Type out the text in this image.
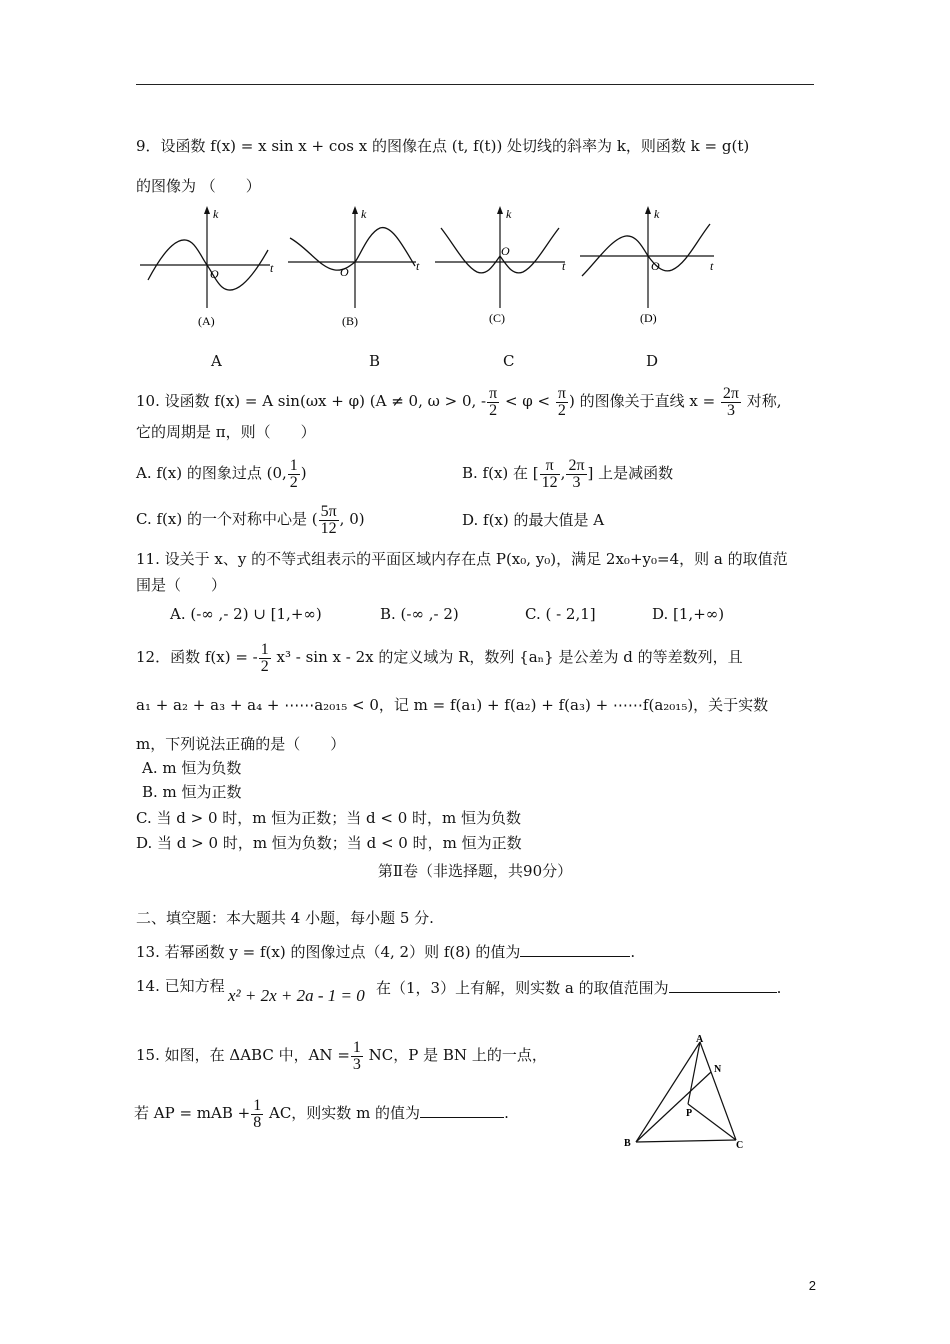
9．设函数 f(x) = x sin x + cos x 的图像在点 (t, f(t)) 处切线的斜率为 k，则函数 k = g(t)
的图像为 （　　）
k
O	t
(A)
k
O	t
(B)
k
O
t
(C)
k
O	t
(D)
A	B	C	D
10. 设函数 f(x) = A sin(ωx + φ) (A ≠ 0, ω > 0, - $\frac{\pi}{2} < \varphi < \frac{\pi}{2}$ ) 的图像关于直线 $x = \frac{2\pi}{3}$ 对称,
它的周期是 π，则（　　）
A. f(x) 的图象过点 (0, $\frac{1}{2}$ )	B. f(x) 在 [ $\frac{\pi}{12}$ , $\frac{2\pi}{3}$ ] 上是减函数
C. f(x) 的一个对称中心是 ( $\frac{5\pi}{12}$ , 0)	D. f(x) 的最大值是 A
11. 设关于 x、y 的不等式组表示的平面区域内存在点 P(x₀, y₀)，满足 2x₀+y₀=4，则 a 的取值范
围是（　　）
A. (-∞ ,- 2) ∪ [1,+∞)	B. (-∞ ,- 2)	C. ( - 2,1]	D. [1,+∞)
12．函数 f(x) = - $\frac{1}{2} x^3$ - sin x - 2x 的定义域为 R，数列 {aₙ} 是公差为 d 的等差数列，且
a₁ + a₂ + a₃ + a₄ + ⋯⋯a₂₀₁₅ < 0，记 m = f(a₁) + f(a₂) + f(a₃) + ⋯⋯f(a₂₀₁₅)，关于实数
m，下列说法正确的是（　　）
A. m 恒为负数
B. m 恒为正数
C. 当 d > 0 时，m 恒为正数；当 d < 0 时，m 恒为负数
D. 当 d > 0 时，m 恒为负数；当 d < 0 时，m 恒为正数
第Ⅱ卷（非选择题，共90分）
二、填空题：本大题共 4 小题，每小题 5 分.
13. 若幂函数 y = f(x) 的图像过点（4, 2）则 f(8) 的值为	.
14. 已知方程 x² + 2x + 2a - 1 = 0 在（1，3）上有解，则实数 a 的取值范围为	.
15. 如图，在 ΔABC 中，AN = $\frac{1}{3}$ NC，P 是 BN 上的一点，
若 AP = mAB + $\frac{1}{8}$ AC，则实数 m 的值为	.
A
B	C
N
P
2
